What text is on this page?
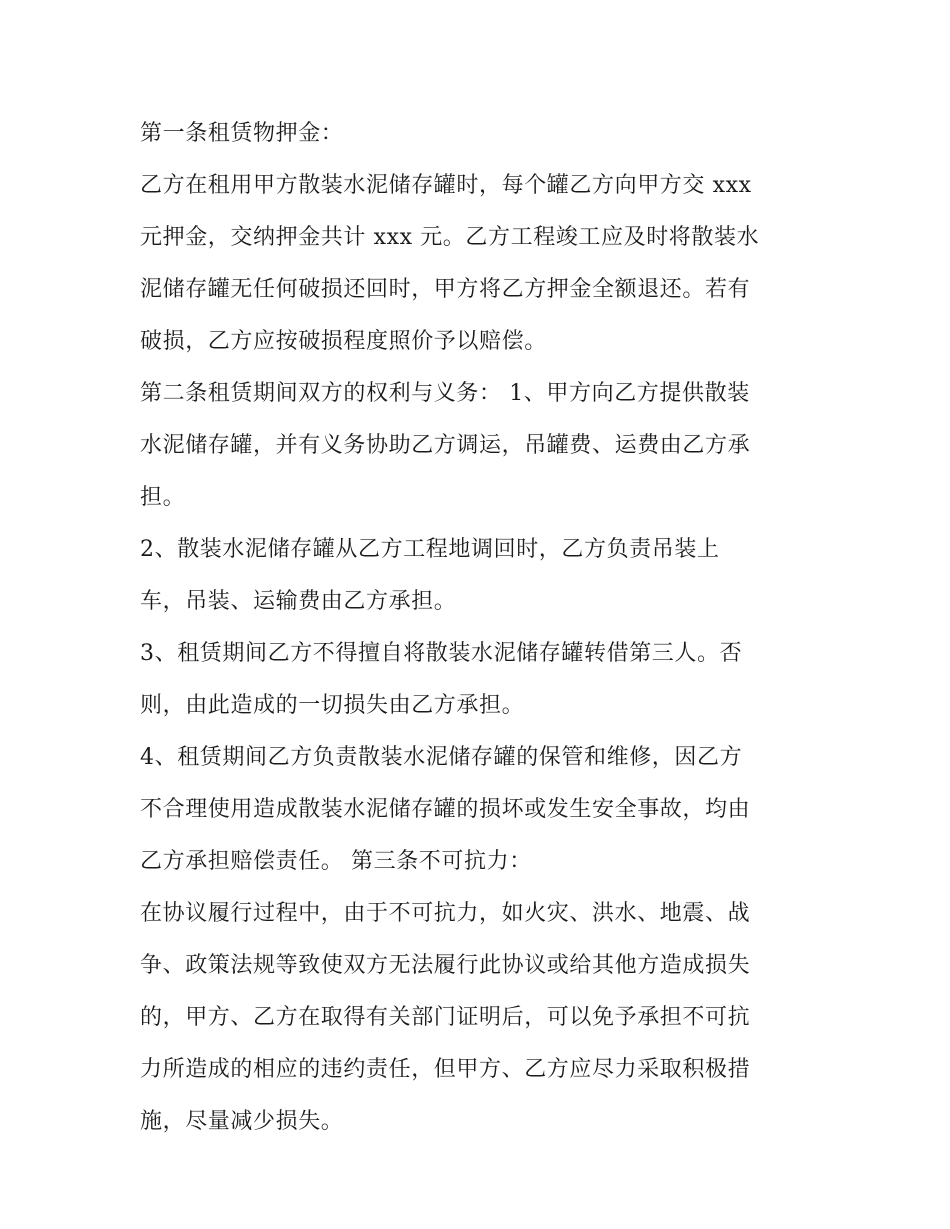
第一条租赁物押金：
乙方在租用甲方散装水泥储存罐时，每个罐乙方向甲方交 xxx
元押金，交纳押金共计 xxx 元。乙方工程竣工应及时将散装水
泥储存罐无任何破损还回时，甲方将乙方押金全额退还。若有
破损，乙方应按破损程度照价予以赔偿。
第二条租赁期间双方的权利与义务： 1、甲方向乙方提供散装
水泥储存罐，并有义务协助乙方调运，吊罐费、运费由乙方承
担。
2、散装水泥储存罐从乙方工程地调回时，乙方负责吊装上
车，吊装、运输费由乙方承担。
3、租赁期间乙方不得擅自将散装水泥储存罐转借第三人。否
则，由此造成的一切损失由乙方承担。
4、租赁期间乙方负责散装水泥储存罐的保管和维修，因乙方
不合理使用造成散装水泥储存罐的损坏或发生安全事故，均由
乙方承担赔偿责任。 第三条不可抗力：
在协议履行过程中，由于不可抗力，如火灾、洪水、地震、战
争、政策法规等致使双方无法履行此协议或给其他方造成损失
的，甲方、乙方在取得有关部门证明后，可以免予承担不可抗
力所造成的相应的违约责任，但甲方、乙方应尽力采取积极措
施，尽量减少损失。
